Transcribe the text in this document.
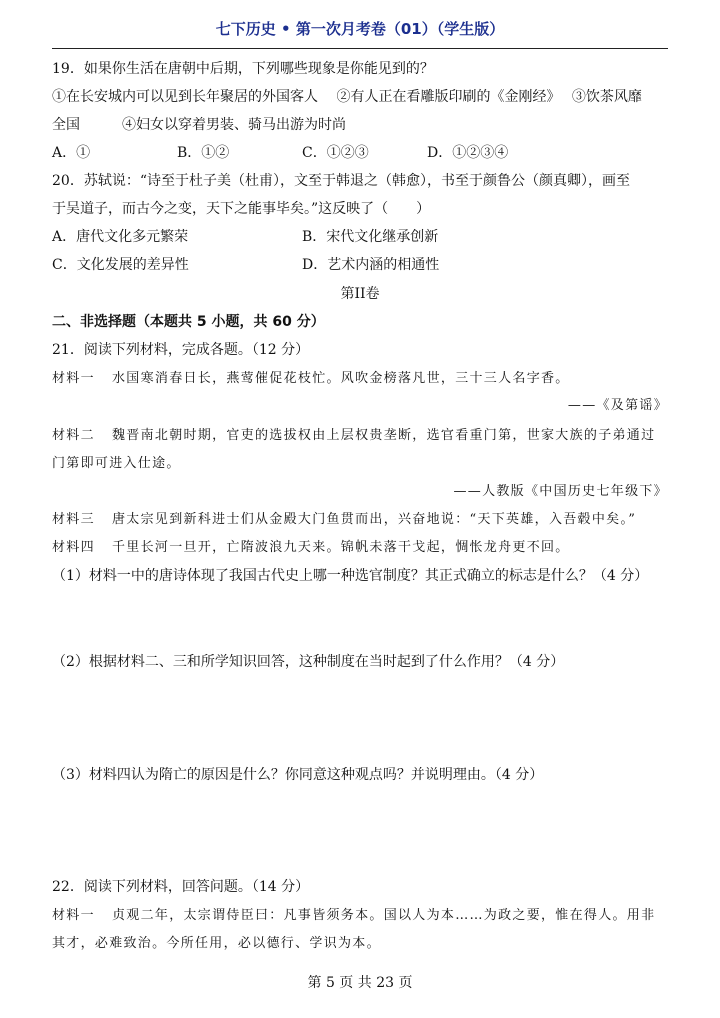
七下历史 • 第一次月考卷（01）（学生版）
19．如果你生活在唐朝中后期，下列哪些现象是你能见到的？
①在长安城内可以见到长年聚居的外国客人　 ②有人正在看雕版印刷的《金刚经》　 ③饮茶风靡
全国　　　④妇女以穿着男装、骑马出游为时尚
A．①	B．①②	C．①②③	D．①②③④
20．苏轼说：“诗至于杜子美（杜甫），文至于韩退之（韩愈），书至于颜鲁公（颜真卿），画至
于吴道子，而古今之变，天下之能事毕矣。”这反映了（　　）
A．唐代文化多元繁荣	B．宋代文化继承创新
C．文化发展的差异性	D．艺术内涵的相通性
第II卷
二、非选择题（本题共 5 小题，共 60 分）
21．阅读下列材料，完成各题。（12 分）
材料一 水国寒消春日长，燕莺催促花枝忙。风吹金榜落凡世，三十三人名字香。
——《及第谣》
材料二 魏晋南北朝时期，官吏的选拔权由上层权贵垄断，选官看重门第，世家大族的子弟通过
门第即可进入仕途。
——人教版《中国历史七年级下》
材料三 唐太宗见到新科进士们从金殿大门鱼贯而出，兴奋地说：“天下英雄，入吾毂中矣。”
材料四 千里长河一旦开，亡隋波浪九天来。锦帆未落干戈起，惆怅龙舟更不回。
（1）材料一中的唐诗体现了我国古代史上哪一种选官制度？其正式确立的标志是什么？（4 分）
（2）根据材料二、三和所学知识回答，这种制度在当时起到了什么作用？（4 分）
（3）材料四认为隋亡的原因是什么？你同意这种观点吗？并说明理由。（4 分）
22．阅读下列材料，回答问题。（14 分）
材料一 贞观二年，太宗谓侍臣曰：凡事皆须务本。国以人为本……为政之要，惟在得人。用非
其才，必难致治。今所任用，必以德行、学识为本。
第 5 页 共 23 页
